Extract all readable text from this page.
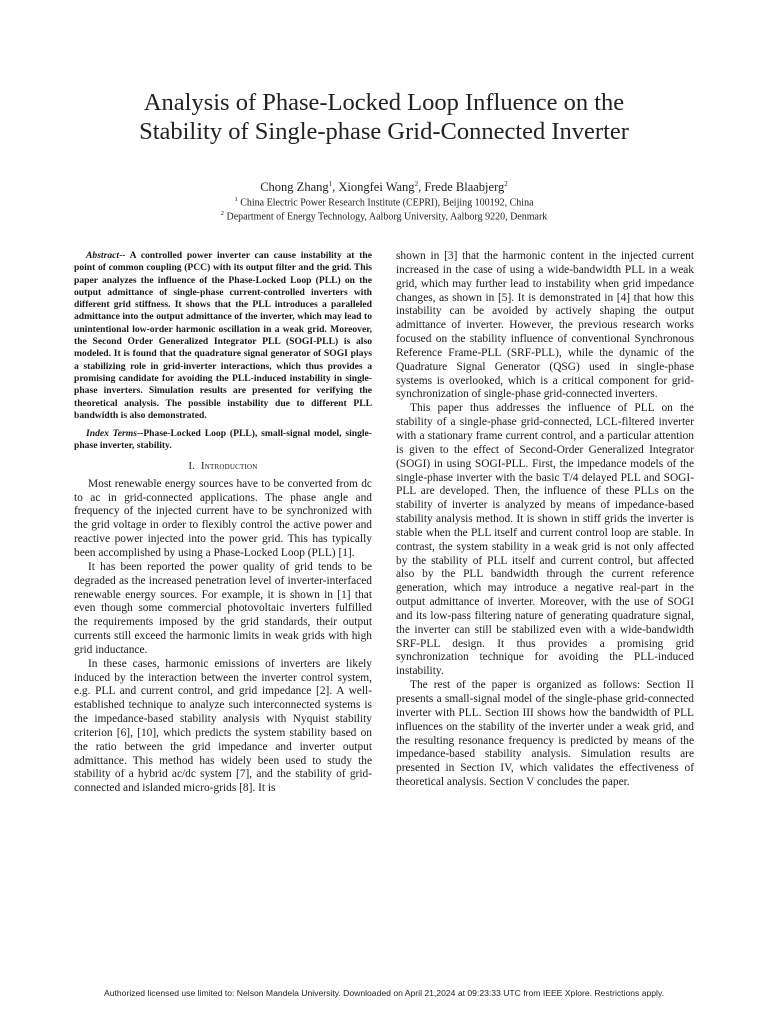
Analysis of Phase-Locked Loop Influence on the
Stability of Single-phase Grid-Connected Inverter
Chong Zhang$^1$, Xiongfei Wang$^2$, Frede Blaabjerg$^2$
$^1$ China Electric Power Research Institute (CEPRI), Beijing 100192, China
$^2$ Department of Energy Technology, Aalborg University, Aalborg 9220, Denmark

Abstract-- A controlled power inverter can cause instability at the point of common coupling (PCC) with its output filter and the grid. This paper analyzes the influence of the Phase-Locked Loop (PLL) on the output admittance of single-phase current-controlled inverters with different grid stiffness. It shows that the PLL introduces a paralleled admittance into the output admittance of the inverter, which may lead to unintentional low-order harmonic oscillation in a weak grid. Moreover, the Second Order Generalized Integrator PLL (SOGI-PLL) is also modeled. It is found that the quadrature signal generator of SOGI plays a stabilizing role in grid-inverter interactions, which thus provides a promising candidate for avoiding the PLL-induced instability in single-phase inverters. Simulation results are presented for verifying the theoretical analysis. The possible instability due to different PLL bandwidth is also demonstrated.

Index Terms--Phase-Locked Loop (PLL), small-signal model, single-phase inverter, stability.

I. Introduction

Most renewable energy sources have to be converted from dc to ac in grid-connected applications. The phase angle and frequency of the injected current have to be synchronized with the grid voltage in order to flexibly control the active power and reactive power injected into the power grid. This has typically been accomplished by using a Phase-Locked Loop (PLL) [1].

It has been reported the power quality of grid tends to be degraded as the increased penetration level of inverter-interfaced renewable energy sources. For example, it is shown in [1] that even though some commercial photovoltaic inverters fulfilled the requirements imposed by the grid standards, their output currents still exceed the harmonic limits in weak grids with high grid inductance.

In these cases, harmonic emissions of inverters are likely induced by the interaction between the inverter control system, e.g. PLL and current control, and grid impedance [2]. A well-established technique to analyze such interconnected systems is the impedance-based stability analysis with Nyquist stability criterion [6], [10], which predicts the system stability based on the ratio between the grid impedance and inverter output admittance. This method has widely been used to study the stability of a hybrid ac/dc system [7], and the stability of grid-connected and islanded micro-grids [8]. It is

shown in [3] that the harmonic content in the injected current increased in the case of using a wide-bandwidth PLL in a weak grid, which may further lead to instability when grid impedance changes, as shown in [5]. It is demonstrated in [4] that how this instability can be avoided by actively shaping the output admittance of inverter. However, the previous research works focused on the stability influence of conventional Synchronous Reference Frame-PLL (SRF-PLL), while the dynamic of the Quadrature Signal Generator (QSG) used in single-phase systems is overlooked, which is a critical component for grid-synchronization of single-phase grid-connected inverters.

This paper thus addresses the influence of PLL on the stability of a single-phase grid-connected, LCL-filtered inverter with a stationary frame current control, and a particular attention is given to the effect of Second-Order Generalized Integrator (SOGI) in using SOGI-PLL. First, the impedance models of the single-phase inverter with the basic T/4 delayed PLL and SOGI-PLL are developed. Then, the influence of these PLLs on the stability of inverter is analyzed by means of impedance-based stability analysis method. It is shown in stiff grids the inverter is stable when the PLL itself and current control loop are stable. In contrast, the system stability in a weak grid is not only affected by the stability of PLL itself and current control, but affected also by the PLL bandwidth through the current reference generation, which may introduce a negative real-part in the output admittance of inverter. Moreover, with the use of SOGI and its low-pass filtering nature of generating quadrature signal, the inverter can still be stabilized even with a wide-bandwidth SRF-PLL design. It thus provides a promising grid synchronization technique for avoiding the PLL-induced instability.

The rest of the paper is organized as follows: Section II presents a small-signal model of the single-phase grid-connected inverter with PLL. Section III shows how the bandwidth of PLL influences on the stability of the inverter under a weak grid, and the resulting resonance frequency is predicted by means of the impedance-based stability analysis. Simulation results are presented in Section IV, which validates the effectiveness of theoretical analysis. Section V concludes the paper.

Authorized licensed use limited to: Nelson Mandela University. Downloaded on April 21,2024 at 09:23:33 UTC from IEEE Xplore. Restrictions apply.
